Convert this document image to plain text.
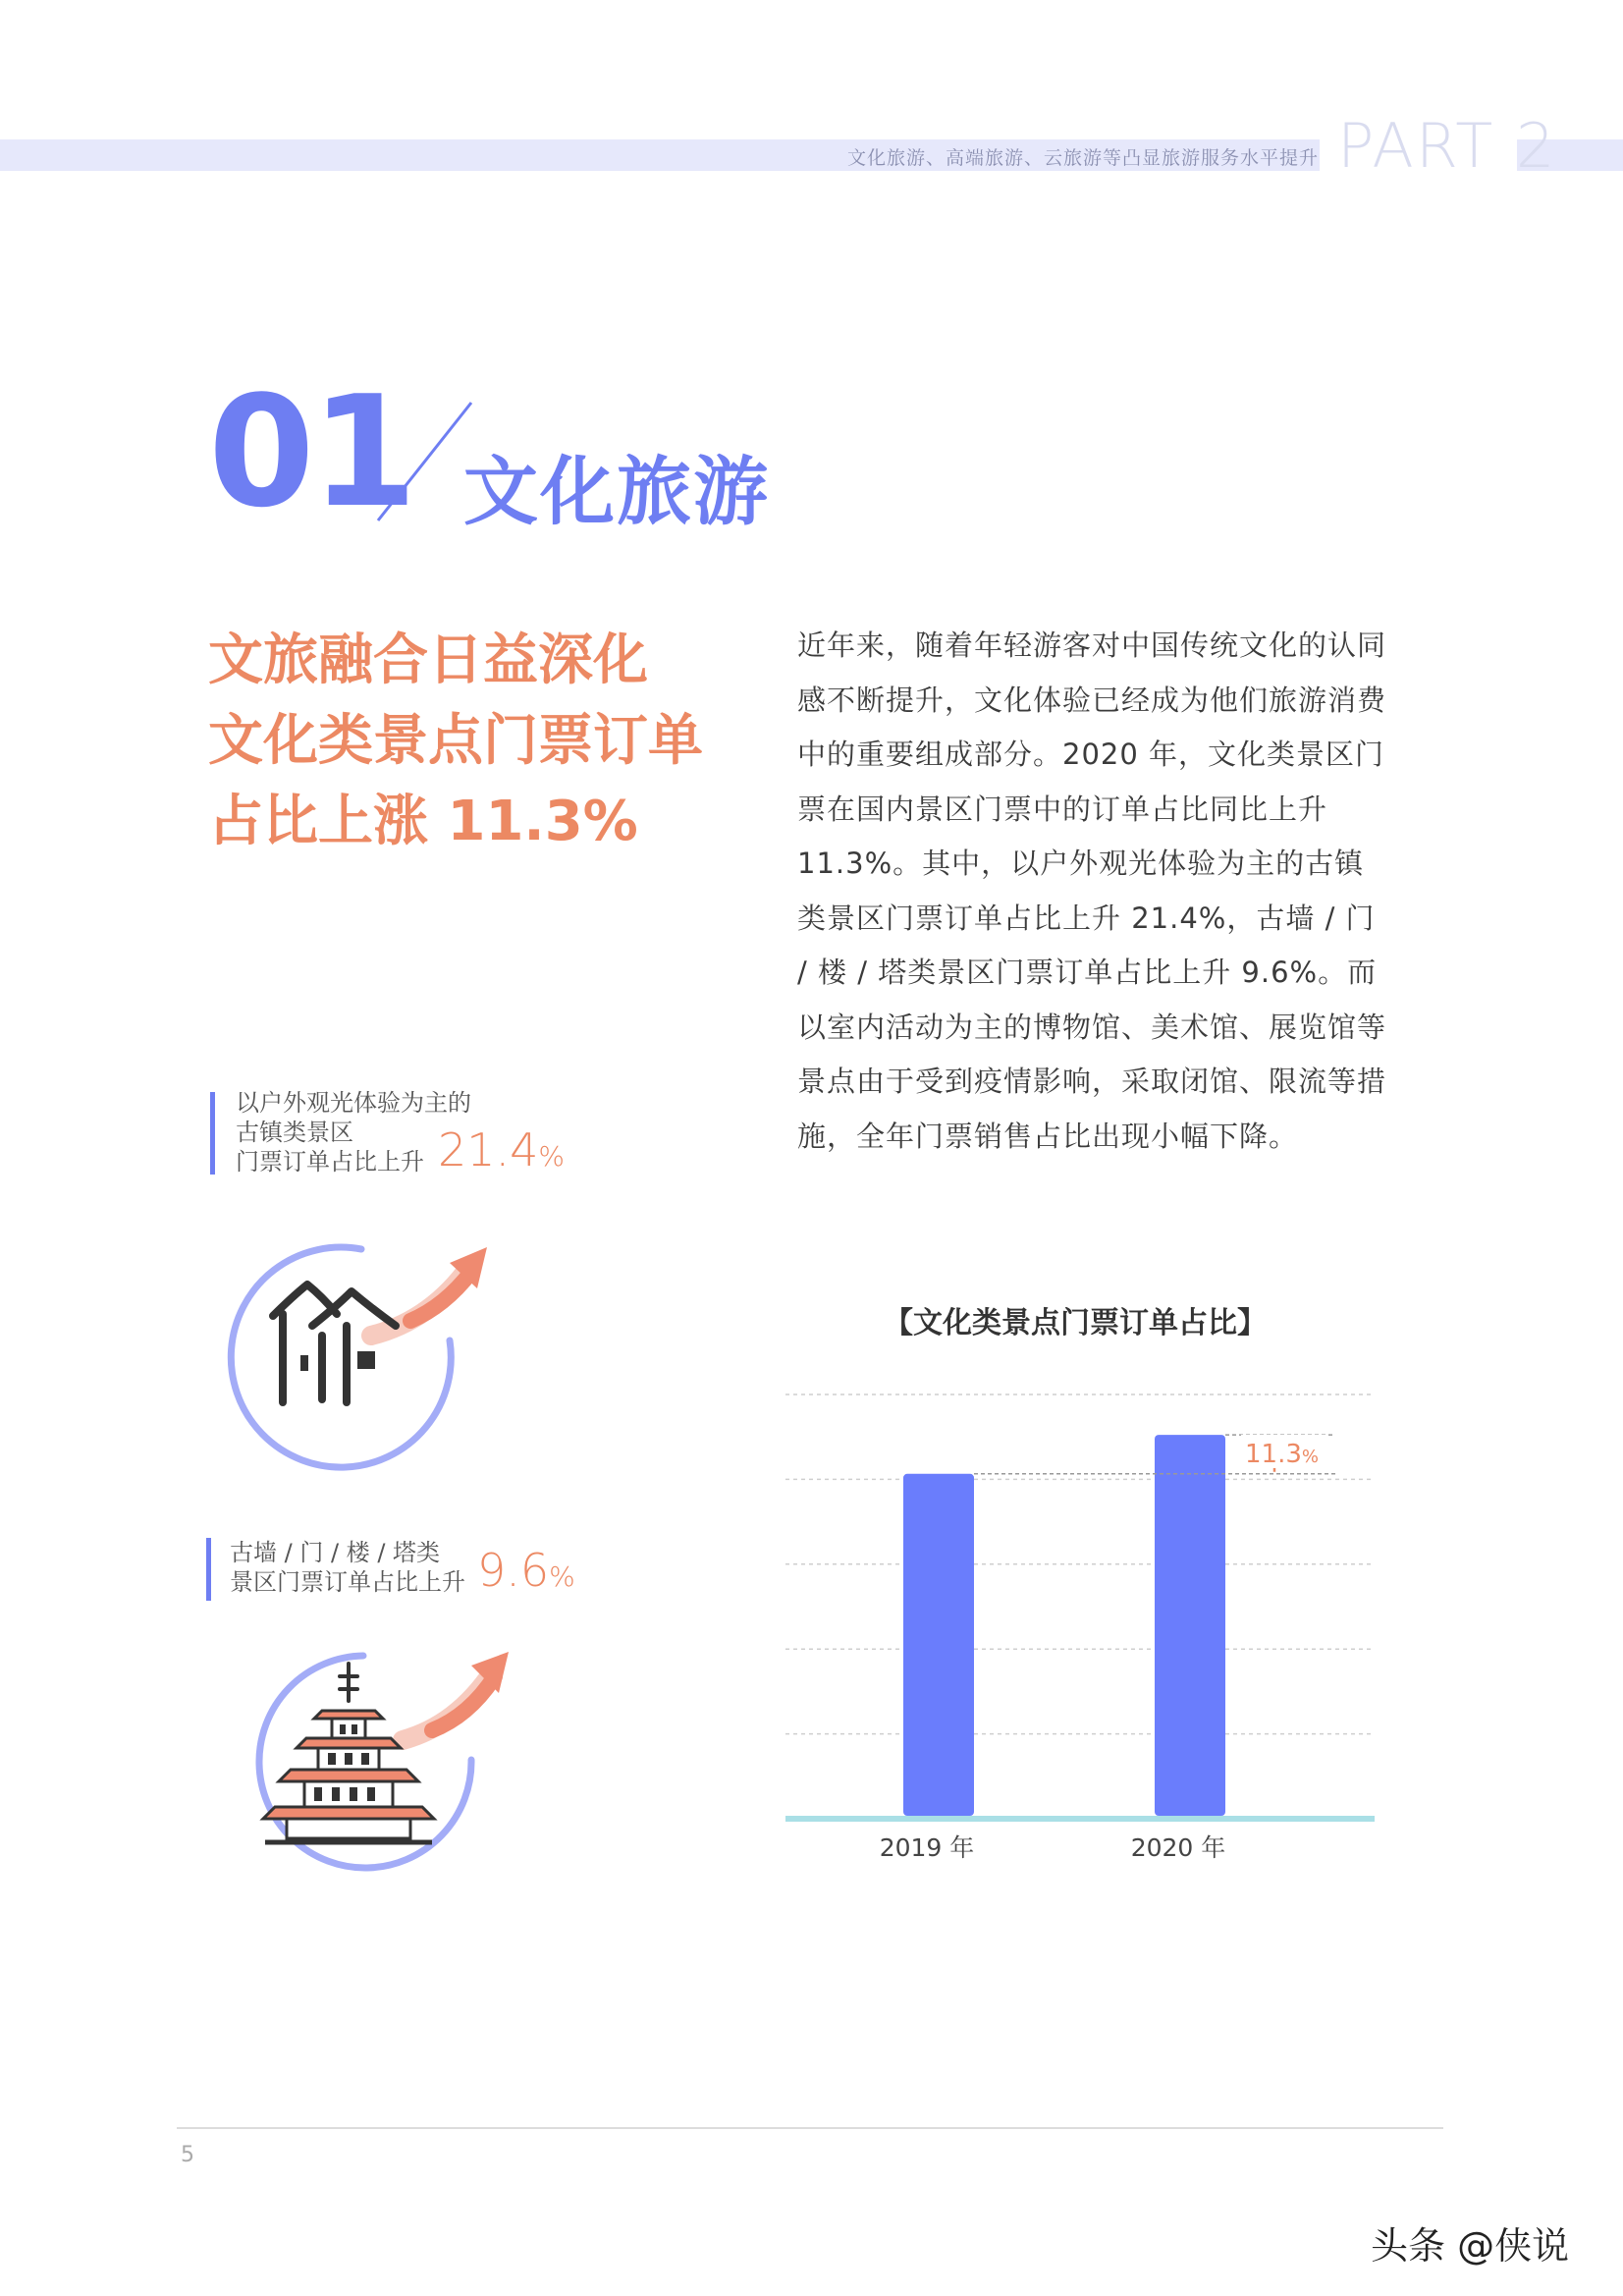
文化旅游、高端旅游、云旅游等凸显旅游服务水平提升 PART 2
01 文化旅游
文旅融合日益深化
文化类景点门票订单
占比上涨 11.3%
近年来，随着年轻游客对中国传统文化的认同感不断提升，文化体验已经成为他们旅游消费中的重要组成部分。2020 年，文化类景区门票在国内景区门票中的订单占比同比上升 11.3%。其中，以户外观光体验为主的古镇类景区门票订单占比上升 21.4%，古墙 / 门 / 楼 / 塔类景区门票订单占比上升 9.6%。而以室内活动为主的博物馆、美术馆、展览馆等景点由于受到疫情影响，采取闭馆、限流等措施，全年门票销售占比出现小幅下降。
以户外观光体验为主的
古镇类景区
门票订单占比上升 21.4%
古墙 / 门 / 楼 / 塔类
景区门票订单占比上升 9.6%
【文化类景点门票订单占比】
11.3%
2019 年	2020 年
5
头条 @侠说
